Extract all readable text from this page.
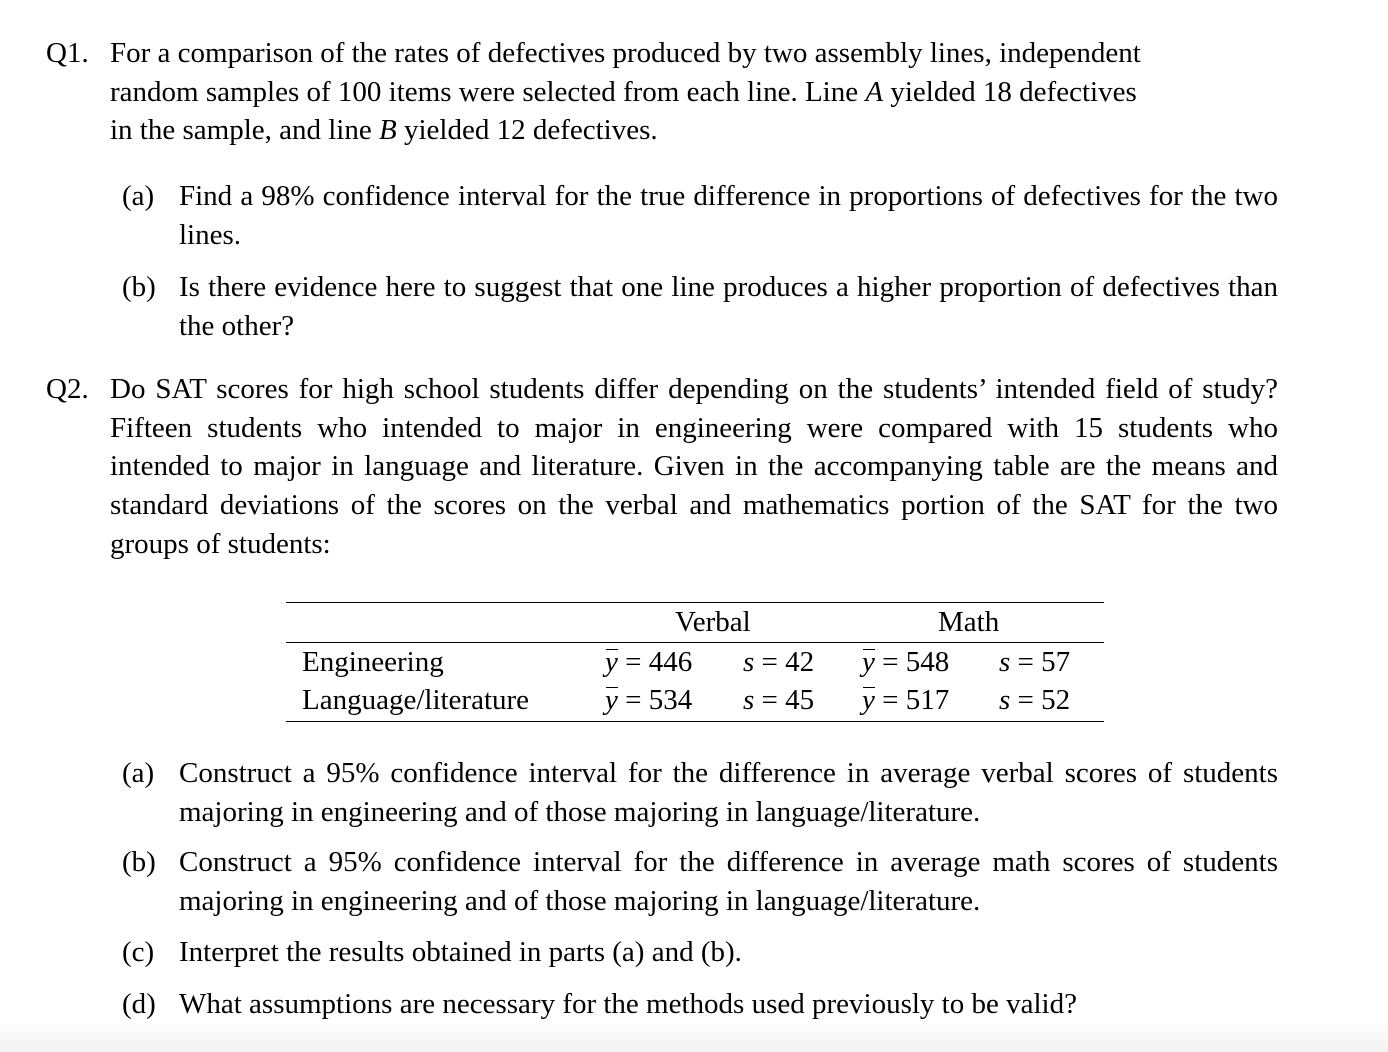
Q1. For a comparison of the rates of defectives produced by two assembly lines, independent
random samples of 100 items were selected from each line. Line A yielded 18 defectives
in the sample, and line B yielded 12 defectives.
(a) Find a 98% confidence interval for the true difference in proportions of defectives for the two lines.
(b) Is there evidence here to suggest that one line produces a higher proportion of defectives than the other?
Q2. Do SAT scores for high school students differ depending on the students’ intended field of study? Fifteen students who intended to major in engineering were compared with 15 students who intended to major in language and literature. Given in the accompanying table are the means and standard deviations of the scores on the verbal and mathematics portion of the SAT for the two groups of students:
Verbal	Math
Engineering	y = 446 s = 42 y = 548 s = 57
Language/literature	y = 534 s = 45 y = 517 s = 52
(a) Construct a 95% confidence interval for the difference in average verbal scores of students majoring in engineering and of those majoring in language/literature.
(b) Construct a 95% confidence interval for the difference in average math scores of students majoring in engineering and of those majoring in language/literature.
(c) Interpret the results obtained in parts (a) and (b).
(d) What assumptions are necessary for the methods used previously to be valid?
